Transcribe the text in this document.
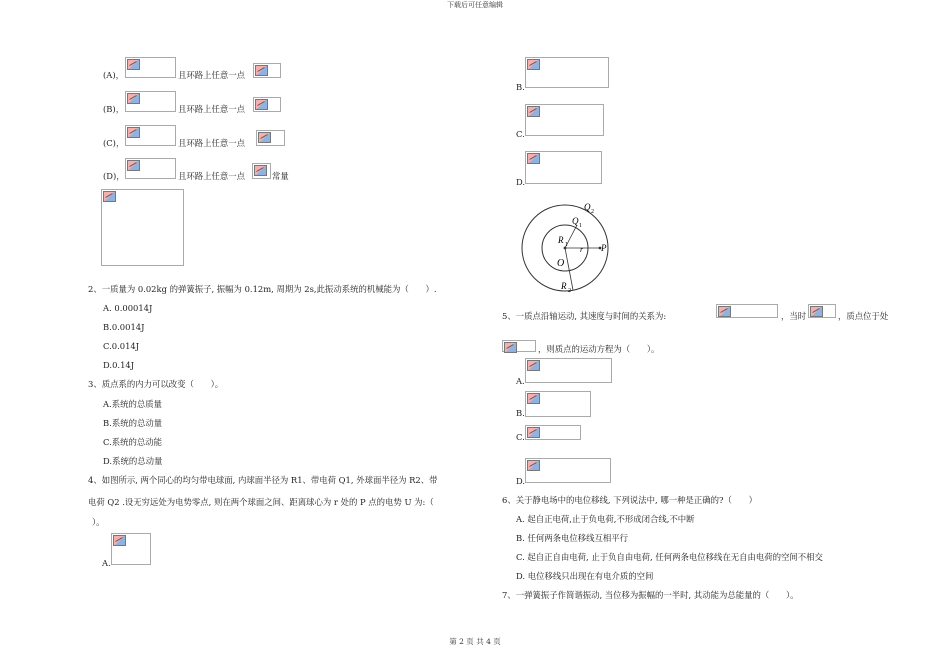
下载后可任意编辑
第 2 页 共 4 页
(A)，	且环路上任意一点
(B)，	且环路上任意一点
(C)，	且环路上任意一点
(D)，	且环路上任意一点	常量
2、一质量为 0.02kg 的弹簧振子, 振幅为 0.12m, 周期为 2s,此振动系统的机械能为（　　）.
A. 0.00014J
B.0.0014J
C.0.014J
D.0.14J
3、质点系的内力可以改变（　　）。
A.系统的总质量
B.系统的总动量
C.系统的总动能
D.系统的总动量
4、如图所示, 两个同心的均匀带电球面, 内球面半径为 R1、带电荷 Q1, 外球面半径为 R2、带
电荷 Q2 .设无穷远处为电势零点, 则在两个球面之间、距离球心为 r 处的 P 点的电势 U 为:（
）。
A.
B.
C.
D.
Q 2
Q 1
R 1 r P
O
R 2
5、一质点沿轴运动, 其速度与时间的关系为:	，当时	，质点位于处
，则质点的运动方程为（　　）。
A.
B.
C.
D.
6、关于静电场中的电位移线, 下列说法中, 哪一种是正确的?（　　）
A. 起自正电荷,止于负电荷,不形成闭合线,不中断
B. 任何两条电位移线互相平行
C. 起自正自由电荷, 止于负自由电荷, 任何两条电位移线在无自由电荷的空间不相交
D. 电位移线只出现在有电介质的空间
7、一弹簧振子作简谐振动, 当位移为振幅的一半时, 其动能为总能量的（　　）。
